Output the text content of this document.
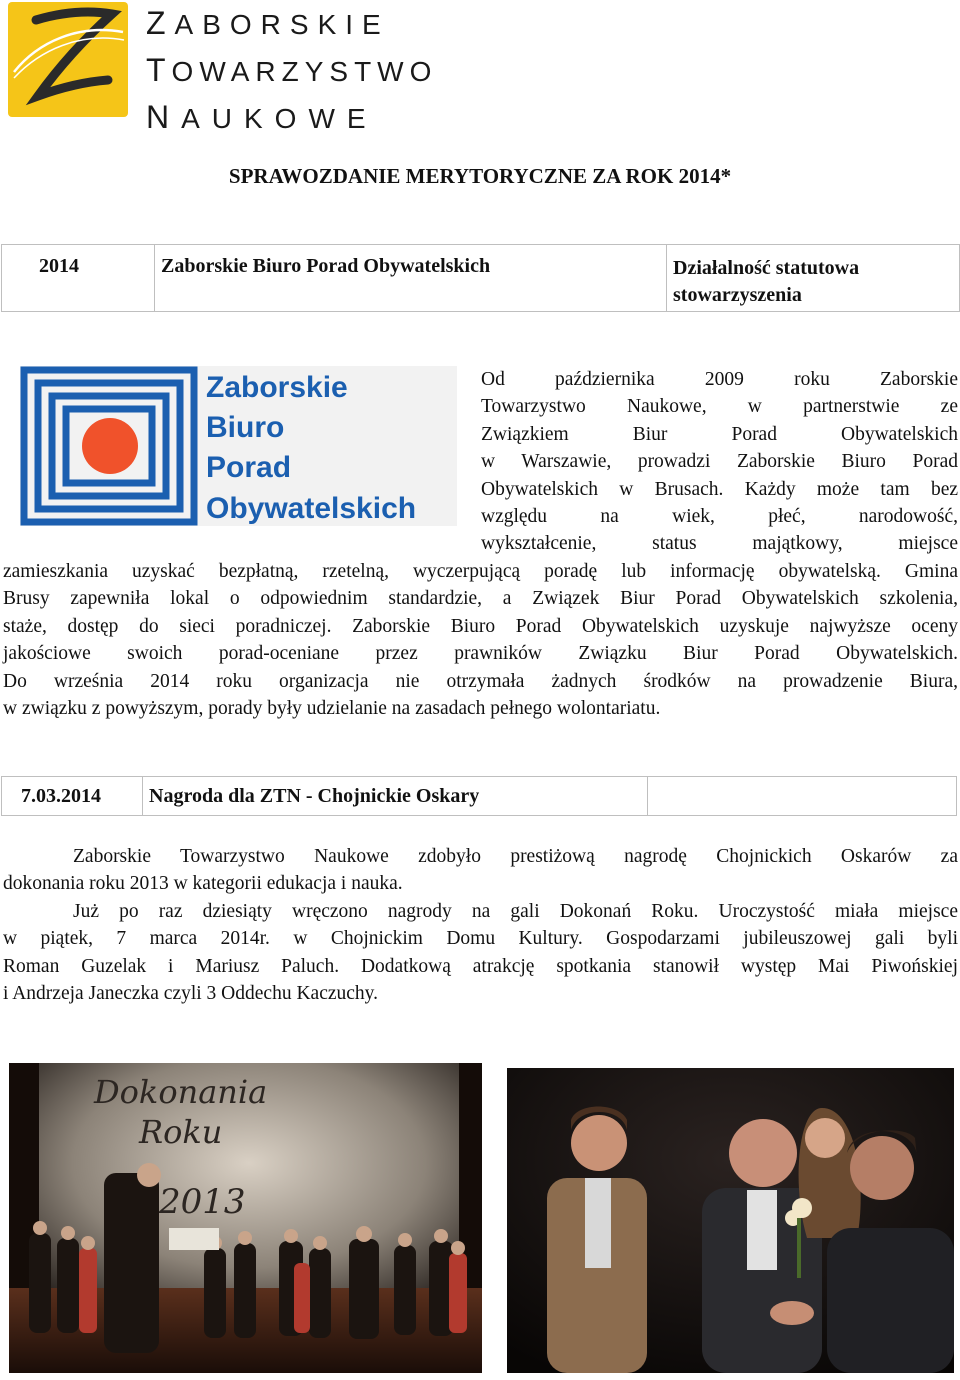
ZABORSKIE
TOWARZYSTWO
NAUKOWE
SPRAWOZDANIE MERYTORYCZNE ZA ROK 2014*
2014	Zaborskie Biuro Porad Obywatelskich	Działalność statutowa stowarzyszenia
Zaborskie
Biuro
Porad
Obywatelskich
Od października 2009 roku Zaborskie
Towarzystwo Naukowe, w partnerstwie ze
Związkiem Biur Porad Obywatelskich
w Warszawie, prowadzi Zaborskie Biuro Porad
Obywatelskich w Brusach. Każdy może tam bez
względu na wiek, płeć, narodowość,
wykształcenie, status majątkowy, miejsce
zamieszkania uzyskać bezpłatną, rzetelną, wyczerpującą poradę lub informację obywatelską. Gmina
Brusy zapewniła lokal o odpowiednim standardzie, a Związek Biur Porad Obywatelskich szkolenia,
staże, dostęp do sieci poradniczej. Zaborskie Biuro Porad Obywatelskich uzyskuje najwyższe oceny
jakościowe swoich porad-oceniane przez prawników Związku Biur Porad Obywatelskich.
Do września 2014 roku organizacja nie otrzymała żadnych środków na prowadzenie Biura,
w związku z powyższym, porady były udzielanie na zasadach pełnego wolontariatu.
7.03.2014	Nagroda dla ZTN - Chojnickie Oskary	
Zaborskie Towarzystwo Naukowe zdobyło prestiżową nagrodę Chojnickich Oskarów za
dokonania roku 2013 w kategorii edukacja i nauka.
Już po raz dziesiąty wręczono nagrody na gali Dokonań Roku. Uroczystość miała miejsce
w piątek, 7 marca 2014r. w Chojnickim Domu Kultury. Gospodarzami jubileuszowej gali byli
Roman Guzelak i Mariusz Paluch. Dodatkową atrakcję spotkania stanowił występ Mai Piwońskiej
i Andrzeja Janeczka czyli 3 Oddechu Kaczuchy.
Dokonania
Roku
2013
